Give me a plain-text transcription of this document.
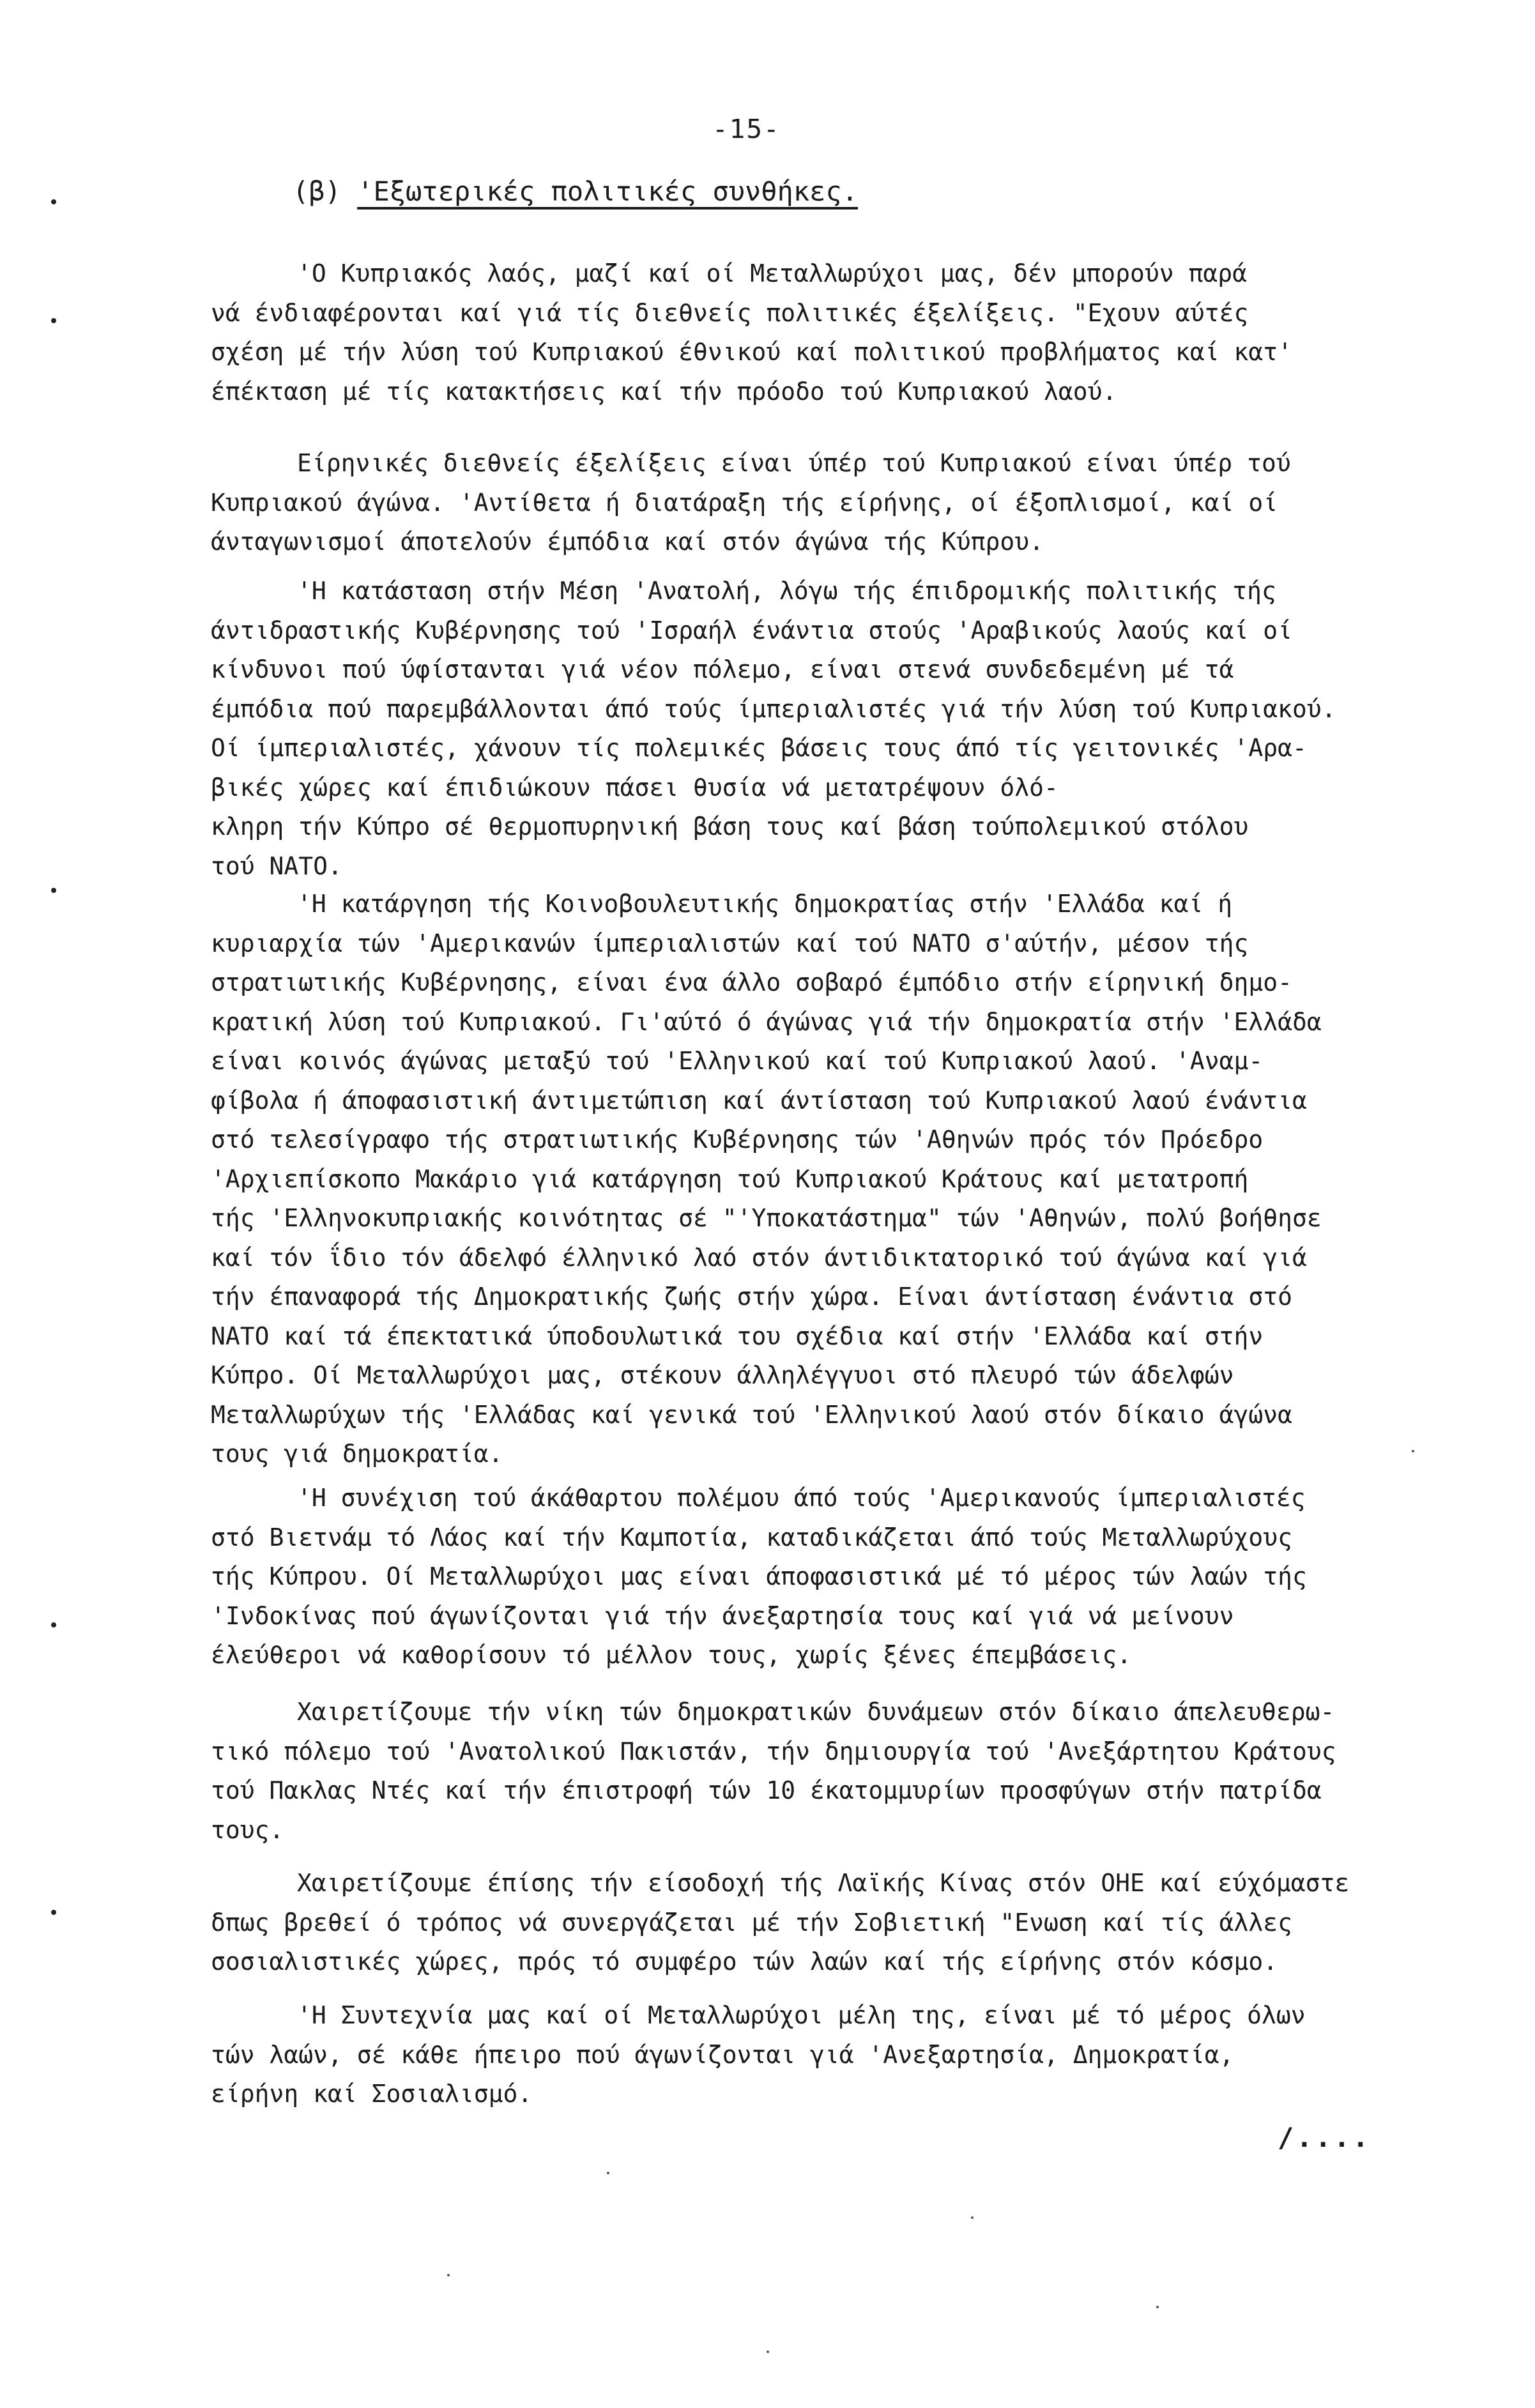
-15-
(β) 'Εξωτερικές πολιτικές συνθήκες.

'Ο Κυπριακός λαός, μαζί καί οί Μεταλλωρύχοι μας, δέν μπορούν παρά
νά ένδιαφέρονται καί γιά τίς διεθνείς πολιτικές έξελίξεις. "Εχουν αύτές
σχέση μέ τήν λύση τού Κυπριακού έθνικού καί πολιτικού προβλήματος καί κατ'
έπέκταση μέ τίς κατακτήσεις καί τήν πρόοδο τού Κυπριακού λαού.

Είρηνικές διεθνείς έξελίξεις είναι ύπέρ τού Κυπριακού είναι ύπέρ τού
Κυπριακού άγώνα. 'Αντίθετα ή διατάραξη τής είρήνης, οί έξοπλισμοί, καί οί
άνταγωνισμοί άποτελούν έμπόδια καί στόν άγώνα τής Κύπρου.

'Η κατάσταση στήν Μέση 'Ανατολή, λόγω τής έπιδρομικής πολιτικής τής
άντιδραστικής Κυβέρνησης τού 'Ισραήλ ένάντια στούς 'Αραβικούς λαούς καί οί
κίνδυνοι πού ύφίστανται γιά νέον πόλεμο, είναι στενά συνδεδεμένη μέ τά
έμπόδια πού παρεμβάλλονται άπό τούς ίμπεριαλιστές γιά τήν λύση τού Κυπριακού.
Οί ίμπεριαλιστές, χάνουν τίς πολεμικές βάσεις τους άπό τίς γειτονικές 'Αρα-
βικές χώρες καί έπιδιώκουν πάσει θυσία νά μετατρέψουν όλό-
κληρη τήν Κύπρο σέ θερμοπυρηνική βάση τους καί βάση τούπολεμικού στόλου
τού ΝΑΤΟ.

'Η κατάργηση τής Κοινοβουλευτικής δημοκρατίας στήν 'Ελλάδα καί ή
κυριαρχία τών 'Αμερικανών ίμπεριαλιστών καί τού ΝΑΤΟ σ'αύτήν, μέσον τής
στρατιωτικής Κυβέρνησης, είναι ένα άλλο σοβαρό έμπόδιο στήν είρηνική δημο-
κρατική λύση τού Κυπριακού. Γι'αύτό ό άγώνας γιά τήν δημοκρατία στήν 'Ελλάδα
είναι κοινός άγώνας μεταξύ τού 'Ελληνικού καί τού Κυπριακού λαού. 'Αναμ-
φίβολα ή άποφασιστική άντιμετώπιση καί άντίσταση τού Κυπριακού λαού ένάντια
στό τελεσίγραφο τής στρατιωτικής Κυβέρνησης τών 'Αθηνών πρός τόν Πρόεδρο
'Αρχιεπίσκοπο Μακάριο γιά κατάργηση τού Κυπριακού Κράτους καί μετατροπή
τής 'Ελληνοκυπριακής κοινότητας σέ "'Υποκατάστημα" τών 'Αθηνών, πολύ βοήθησε
καί τόν ΐδιο τόν άδελφό έλληνικό λαό στόν άντιδικτατορικό τού άγώνα καί γιά
τήν έπαναφορά τής Δημοκρατικής ζωής στήν χώρα. Είναι άντίσταση ένάντια στό
ΝΑΤΟ καί τά έπεκτατικά ύποδουλωτικά του σχέδια καί στήν 'Ελλάδα καί στήν
Κύπρο. Οί Μεταλλωρύχοι μας, στέκουν άλληλέγγυοι στό πλευρό τών άδελφών
Μεταλλωρύχων τής 'Ελλάδας καί γενικά τού 'Ελληνικού λαού στόν δίκαιο άγώνα
τους γιά δημοκρατία.

'Η συνέχιση τού άκάθαρτου πολέμου άπό τούς 'Αμερικανούς ίμπεριαλιστές
στό Βιετνάμ τό Λάος καί τήν Καμποτία, καταδικάζεται άπό τούς Μεταλλωρύχους
τής Κύπρου. Οί Μεταλλωρύχοι μας είναι άποφασιστικά μέ τό μέρος τών λαών τής
'Ινδοκίνας πού άγωνίζονται γιά τήν άνεξαρτησία τους καί γιά νά μείνουν
έλεύθεροι νά καθορίσουν τό μέλλον τους, χωρίς ξένες έπεμβάσεις.

Χαιρετίζουμε τήν νίκη τών δημοκρατικών δυνάμεων στόν δίκαιο άπελευθερω-
τικό πόλεμο τού 'Ανατολικού Πακιστάν, τήν δημιουργία τού 'Ανεξάρτητου Κράτους
τού Πακλας Ντές καί τήν έπιστροφή τών 10 έκατομμυρίων προσφύγων στήν πατρίδα
τους.

Χαιρετίζουμε έπίσης τήν είσοδοχή τής Λαϊκής Κίνας στόν ΟΗΕ καί εύχόμαστε
δπως βρεθεί ό τρόπος νά συνεργάζεται μέ τήν Σοβιετική "Ενωση καί τίς άλλες
σοσιαλιστικές χώρες, πρός τό συμφέρο τών λαών καί τής είρήνης στόν κόσμο.

'Η Συντεχνία μας καί οί Μεταλλωρύχοι μέλη της, είναι μέ τό μέρος όλων
τών λαών, σέ κάθε ήπειρο πού άγωνίζονται γιά 'Ανεξαρτησία, Δημοκρατία,
είρήνη καί Σοσιαλισμό.

/....
